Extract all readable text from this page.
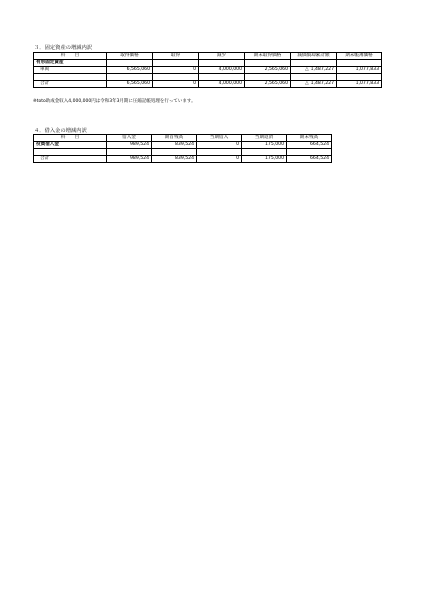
３．固定資産の増減内訳
科　　目	取得価格	取得	減少	期末取得価格	減価償却累計額	期末帳簿価格
有形固定資産						
車両	6,565,060	0	4,000,000	2,565,060	△ 1,487,227	1,077,833

合計	6,565,060	0	4,000,000	2,565,060	△ 1,487,227	1,077,833
※toto助成金収入4,000,000円は令和3年3月期に圧縮記帳処理を行っています。
４．借入金の増減内訳
科　　目	借入金	期首残高	当期借入	当期返済	期末残高
役員借入金	989,524	839,524	0	175,000	664,524

合計	989,524	839,524	0	175,000	664,524
